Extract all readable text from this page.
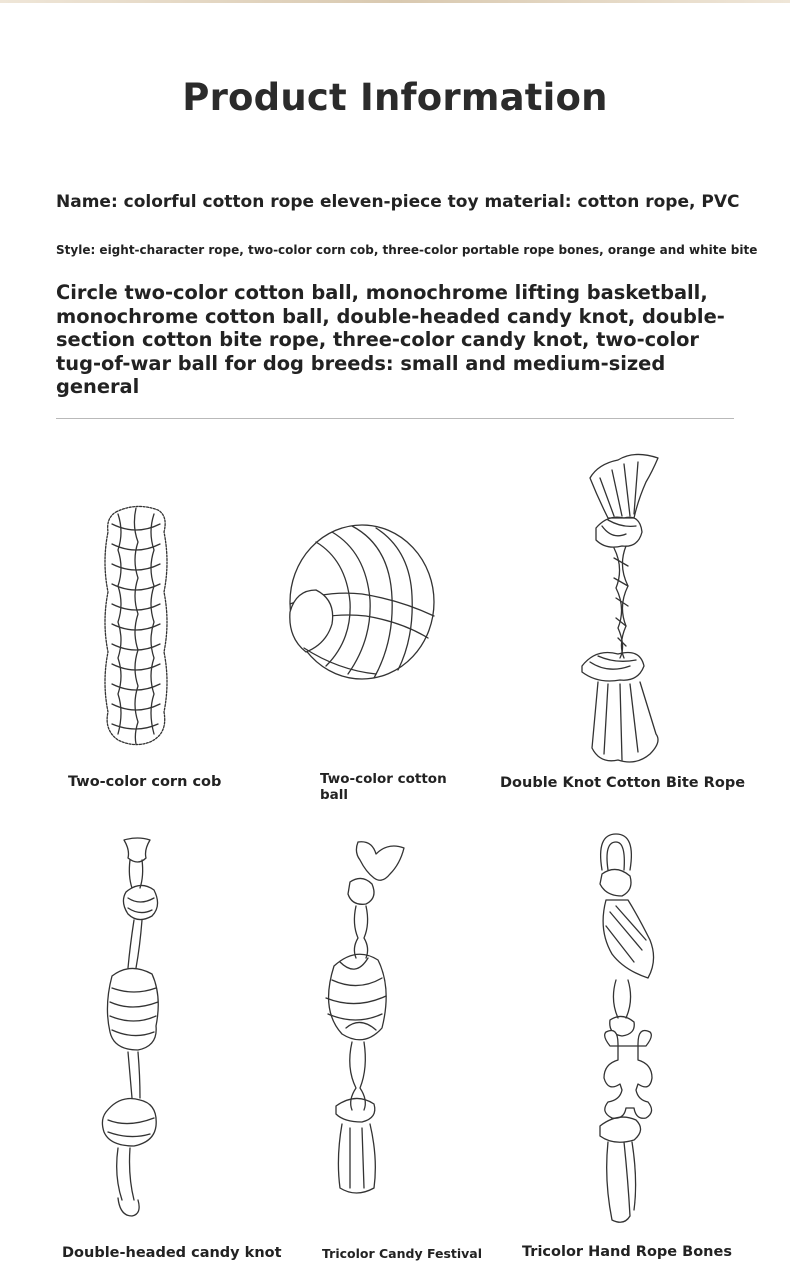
Product Information
Name: colorful cotton rope eleven-piece toy material: cotton rope, PVC
Style: eight-character rope, two-color corn cob, three-color portable rope bones, orange and white bite

Circle two-color cotton ball, monochrome lifting basketball, monochrome cotton ball, double-headed candy knot, double-section cotton bite rope, three-color candy knot, two-color tug-of-war ball for dog breeds: small and medium-sized general

Two-color corn cob	Two-color cotton ball
Double Knot Cotton Bite Rope
Double-headed candy knot	Tricolor Candy Festival	Tricolor Hand Rope Bones
